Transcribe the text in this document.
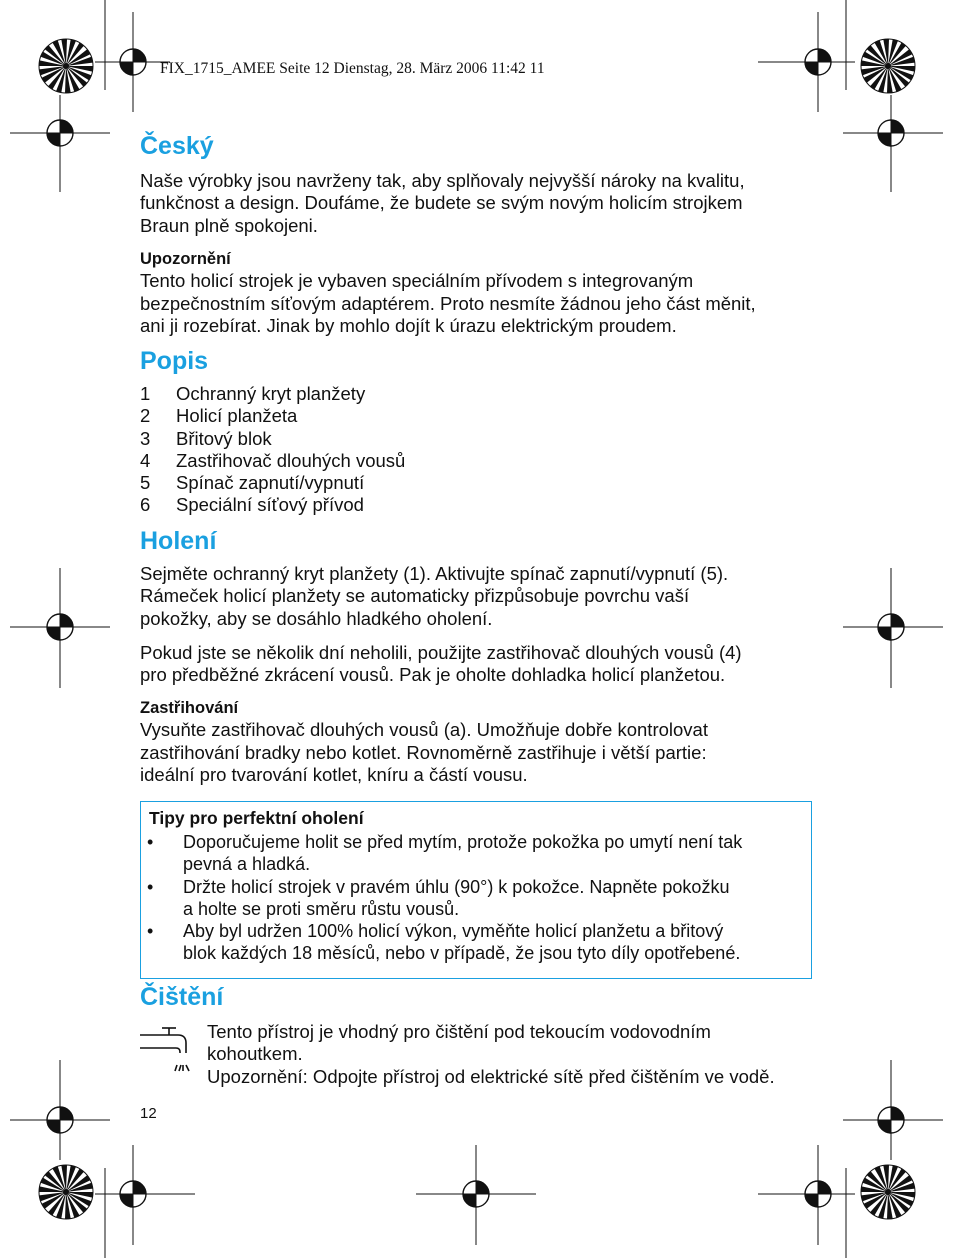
FIX_1715_AMEE Seite 12 Dienstag, 28. März 2006 11:42 11
Český

Naše výrobky jsou navrženy tak, aby splňovaly nejvyšší nároky na kvalitu,
funkčnost a design. Doufáme, že budete se svým novým holicím strojkem
Braun plně spokojeni.

Upozornění
Tento holicí strojek je vybaven speciálním přívodem s integrovaným
bezpečnostním síťovým adaptérem. Proto nesmíte žádnou jeho část měnit,
ani ji rozebírat. Jinak by mohlo dojít k úrazu elektrickým proudem.

Popis
1 Ochranný kryt planžety
2 Holicí planžeta
3 Břitový blok
4 Zastřihovač dlouhých vousů
5 Spínač zapnutí/vypnutí
6 Speciální síťový přívod
Holení

Sejměte ochranný kryt planžety (1). Aktivujte spínač zapnutí/vypnutí (5).
Rámeček holicí planžety se automaticky přizpůsobuje povrchu vaší
pokožky, aby se dosáhlo hladkého oholení.

Pokud jste se několik dní neholili, použijte zastřihovač dlouhých vousů (4)
pro předběžné zkrácení vousů. Pak je oholte dohladka holicí planžetou.

Zastřihování
Vysuňte zastřihovač dlouhých vousů (a). Umožňuje dobře kontrolovat
zastřihování bradky nebo kotlet. Rovnoměrně zastřihuje i větší partie:
ideální pro tvarování kotlet, kníru a částí vousu.

Tipy pro perfektní oholení
• Doporučujeme holit se před mytím, protože pokožka po umytí není tak
pevná a hladká.
• Držte holicí strojek v pravém úhlu (90°) k pokožce. Napněte pokožku
a holte se proti směru růstu vousů.
• Aby byl udržen 100% holicí výkon, vyměňte holicí planžetu a břitový
blok každých 18 měsíců, nebo v případě, že jsou tyto díly opotřebené.
Čištění

Tento přístroj je vhodný pro čištění pod tekoucím vodovodním
kohoutkem.
Upozornění: Odpojte přístroj od elektrické sítě před čištěním ve vodě.

12
